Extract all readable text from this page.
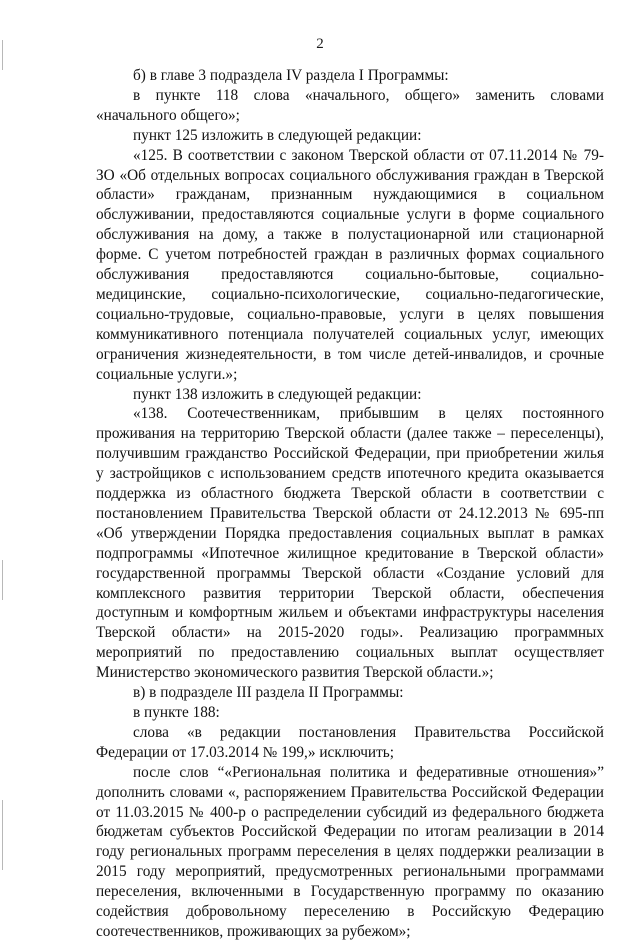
2

б) в главе 3 подраздела IV раздела I Программы:

в пункте 118 слова «начального, общего» заменить словами «начального общего»;

пункт 125 изложить в следующей редакции:

«125. В соответствии с законом Тверской области от 07.11.2014 № 79-ЗО «Об отдельных вопросах социального обслуживания граждан в Тверской области» гражданам, признанным нуждающимися в социальном обслуживании, предоставляются социальные услуги в форме социального обслуживания на дому, а также в полустационарной или стационарной форме. С учетом потребностей граждан в различных формах социального обслуживания предоставляются социально-бытовые, социально-медицинские, социально-психологические, социально-педагогические, социально-трудовые, социально-правовые, услуги в целях повышения коммуникативного потенциала получателей социальных услуг, имеющих ограничения жизнедеятельности, в том числе детей-инвалидов, и срочные социальные услуги.»;

пункт 138 изложить в следующей редакции:

«138. Соотечественникам, прибывшим в целях постоянного проживания на территорию Тверской области (далее также – переселенцы), получившим гражданство Российской Федерации, при приобретении жилья у застройщиков с использованием средств ипотечного кредита оказывается поддержка из областного бюджета Тверской области в соответствии с постановлением Правительства Тверской области от 24.12.2013 № 695-пп «Об утверждении Порядка предоставления социальных выплат в рамках подпрограммы «Ипотечное жилищное кредитование в Тверской области» государственной программы Тверской области «Создание условий для комплексного развития территории Тверской области, обеспечения доступным и комфортным жильем и объектами инфраструктуры населения Тверской области» на 2015-2020 годы». Реализацию программных мероприятий по предоставлению социальных выплат осуществляет Министерство экономического развития Тверской области.»;

в) в подразделе III раздела II Программы:

в пункте 188:

слова «в редакции постановления Правительства Российской Федерации от 17.03.2014 № 199,» исключить;

после слов “«Региональная политика и федеративные отношения»” дополнить словами «, распоряжением Правительства Российской Федерации от 11.03.2015 № 400-р о распределении субсидий из федерального бюджета бюджетам субъектов Российской Федерации по итогам реализации в 2014 году региональных программ переселения в целях поддержки реализации в 2015 году мероприятий, предусмотренных региональными программами переселения, включенными в Государственную программу по оказанию содействия добровольному переселению в Российскую Федерацию соотечественников, проживающих за рубежом»;
